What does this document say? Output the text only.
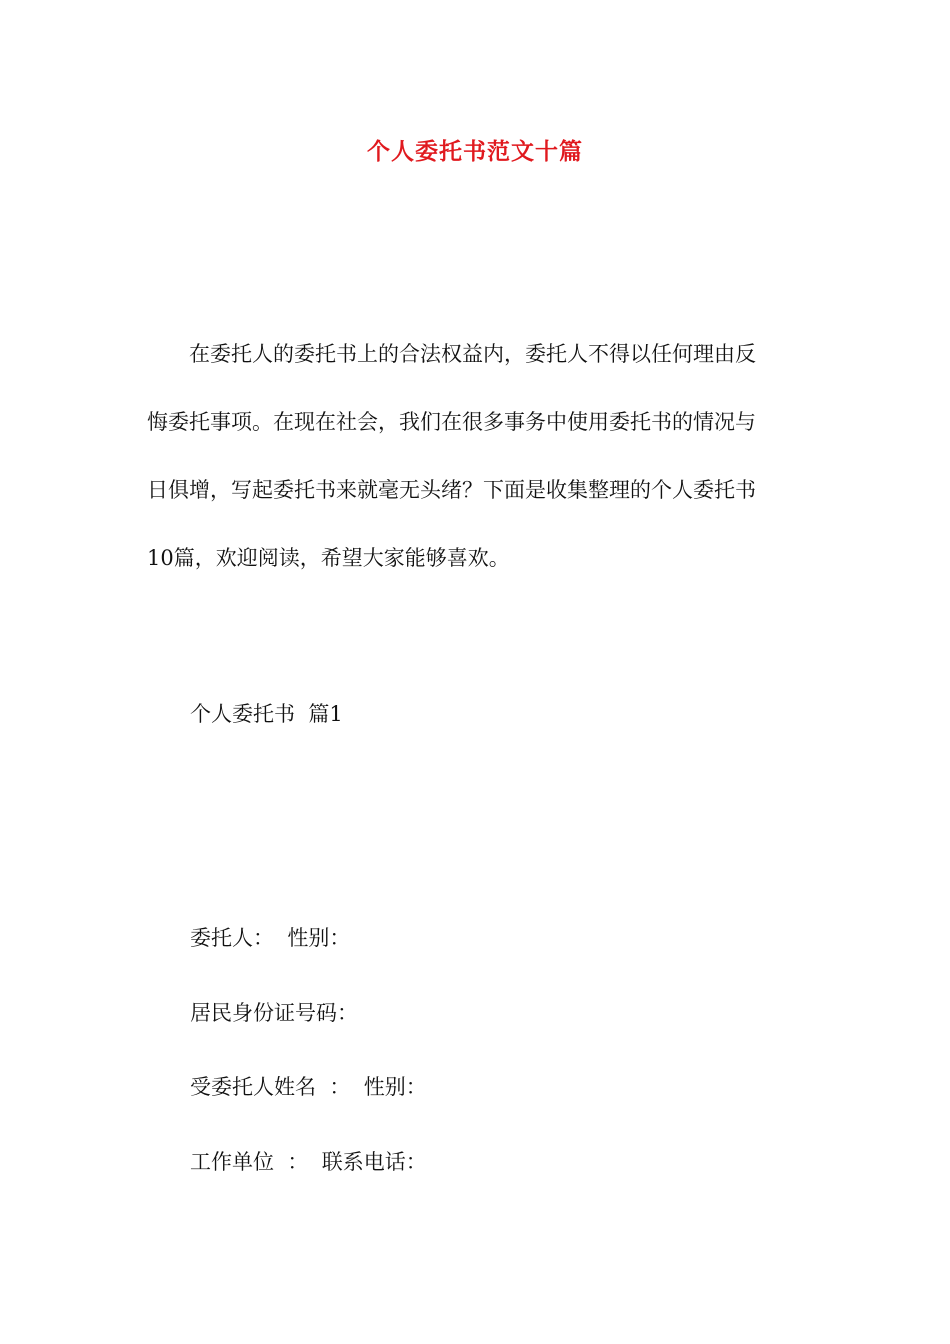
个人委托书范文十篇

在委托人的委托书上的合法权益内，委托人不得以任何理由反
悔委托事项。在现在社会，我们在很多事务中使用委托书的情况与
日俱增，写起委托书来就毫无头绪？下面是收集整理的个人委托书
10篇，欢迎阅读，希望大家能够喜欢。

个人委托书  篇1
委托人：  性别：
居民身份证号码：
受委托人姓名  ：  性别：
工作单位  ：  联系电话：
